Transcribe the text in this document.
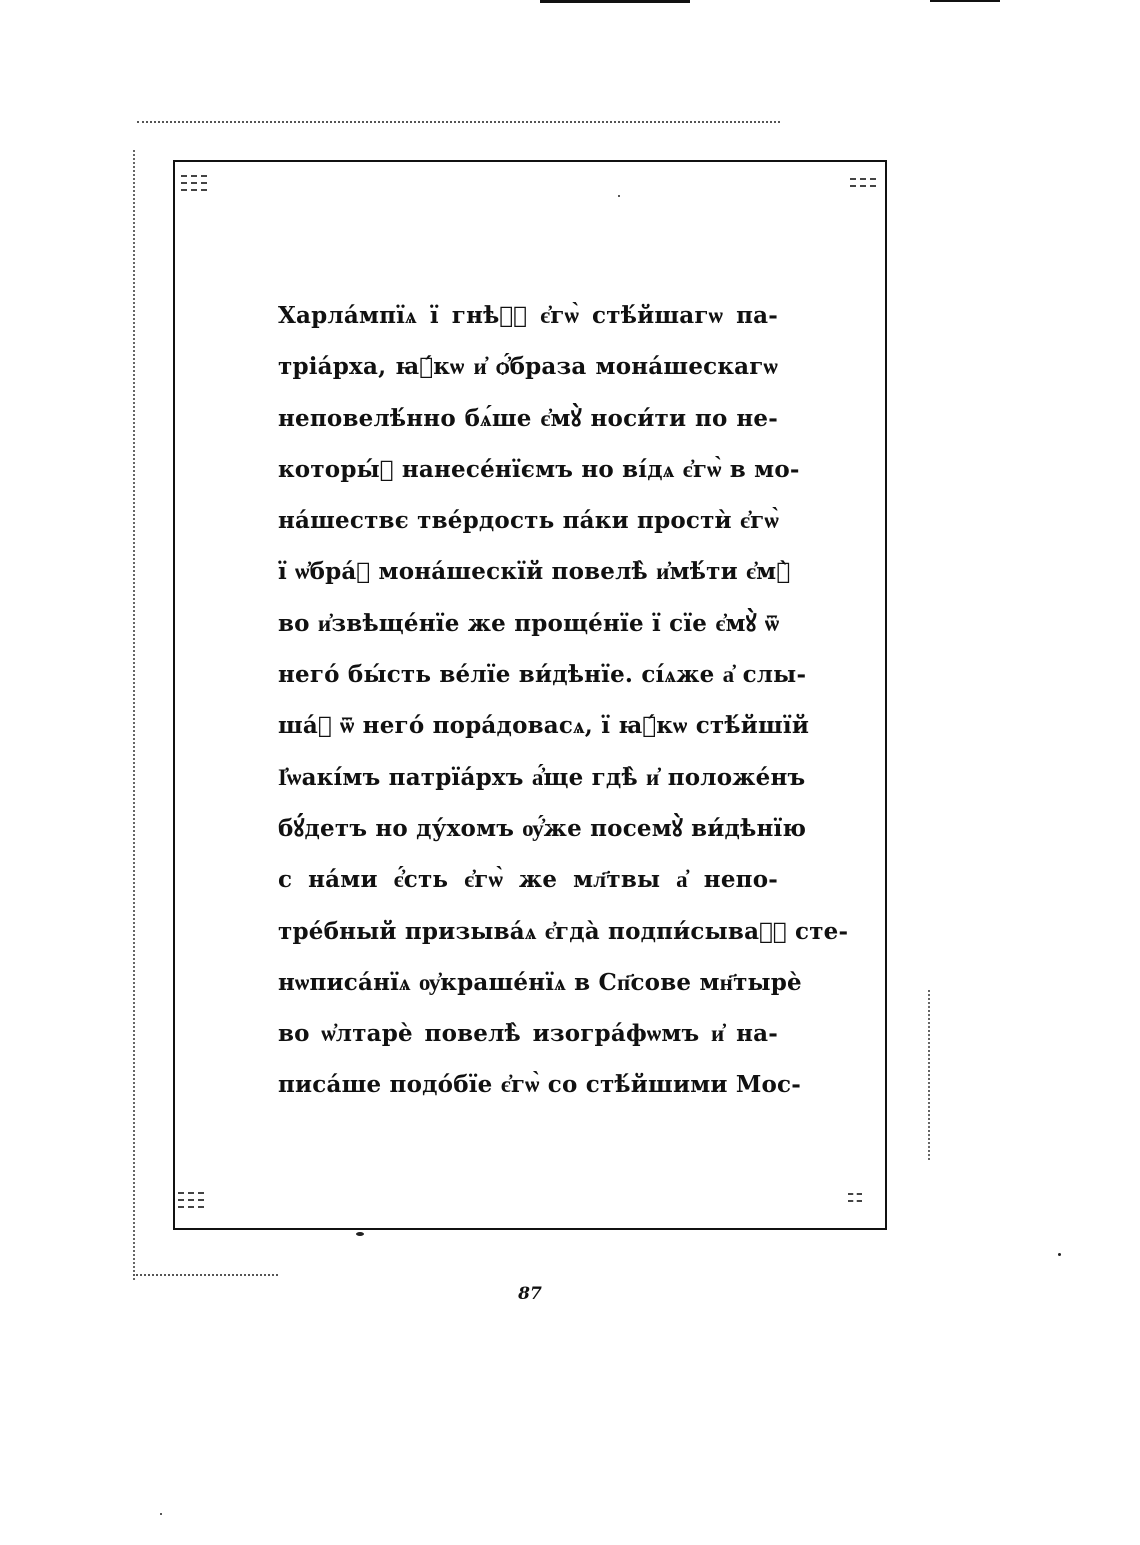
Харла́мпїѧ ї гнѣⷭ҇ є҆гѡ̀ стѣ́йшагѡ па-
тріа́рха, ꙗ҆́кѡ и҆ ѻ҆́браза мона́шескагѡ
неповелѣ́нно бѧ́ше є҆мꙋ̀ носи́ти по не-
котоpы́ⷯ нанесе́нїємъ но ві́дѧ є҆гѡ̀ в мо-
на́шествє тве́рдость па́ки простѝ є҆гѡ̀
ї ѡ҆бра́ⷥ мона́шескїй повелѣ̀ и҆мѣ́ти є҆мꙋ̀
во и҆звѣще́нїе же проще́нїе ї сїе є҆мꙋ̀ ѿ
него́ бы́сть ве́лїе ви́дѣнїе. сі́ѧже а҆ слы-
ша́ⷥ ѿ него́ пора́довасѧ, ї ꙗ҆́кѡ стѣ́йшїй
І҆ѡакі́мъ патрїа́рхъ а҆́ще гдѣ̀ и҆ положе́нъ
бꙋ́детъ но ду́хомъ ѹ҆́же посемꙋ̀ ви́дѣнїю
с на́ми є҆́сть є҆гѡ̀ же мл҃твы а҆ непо-
тре́бный призыва́ѧ є҆гда̀ подпи́сываⷭ҇ сте-
нѡписа́нїѧ ѹ҆краше́нїѧ в Сп҃сове мн҃тырѐ
во ѡ҆лтарѐ повелѣ̀ изогра́фѡмъ и҆ на-
писа́ше подо́бїе є҆гѡ̀ со стѣ́йшими Мос-
87
